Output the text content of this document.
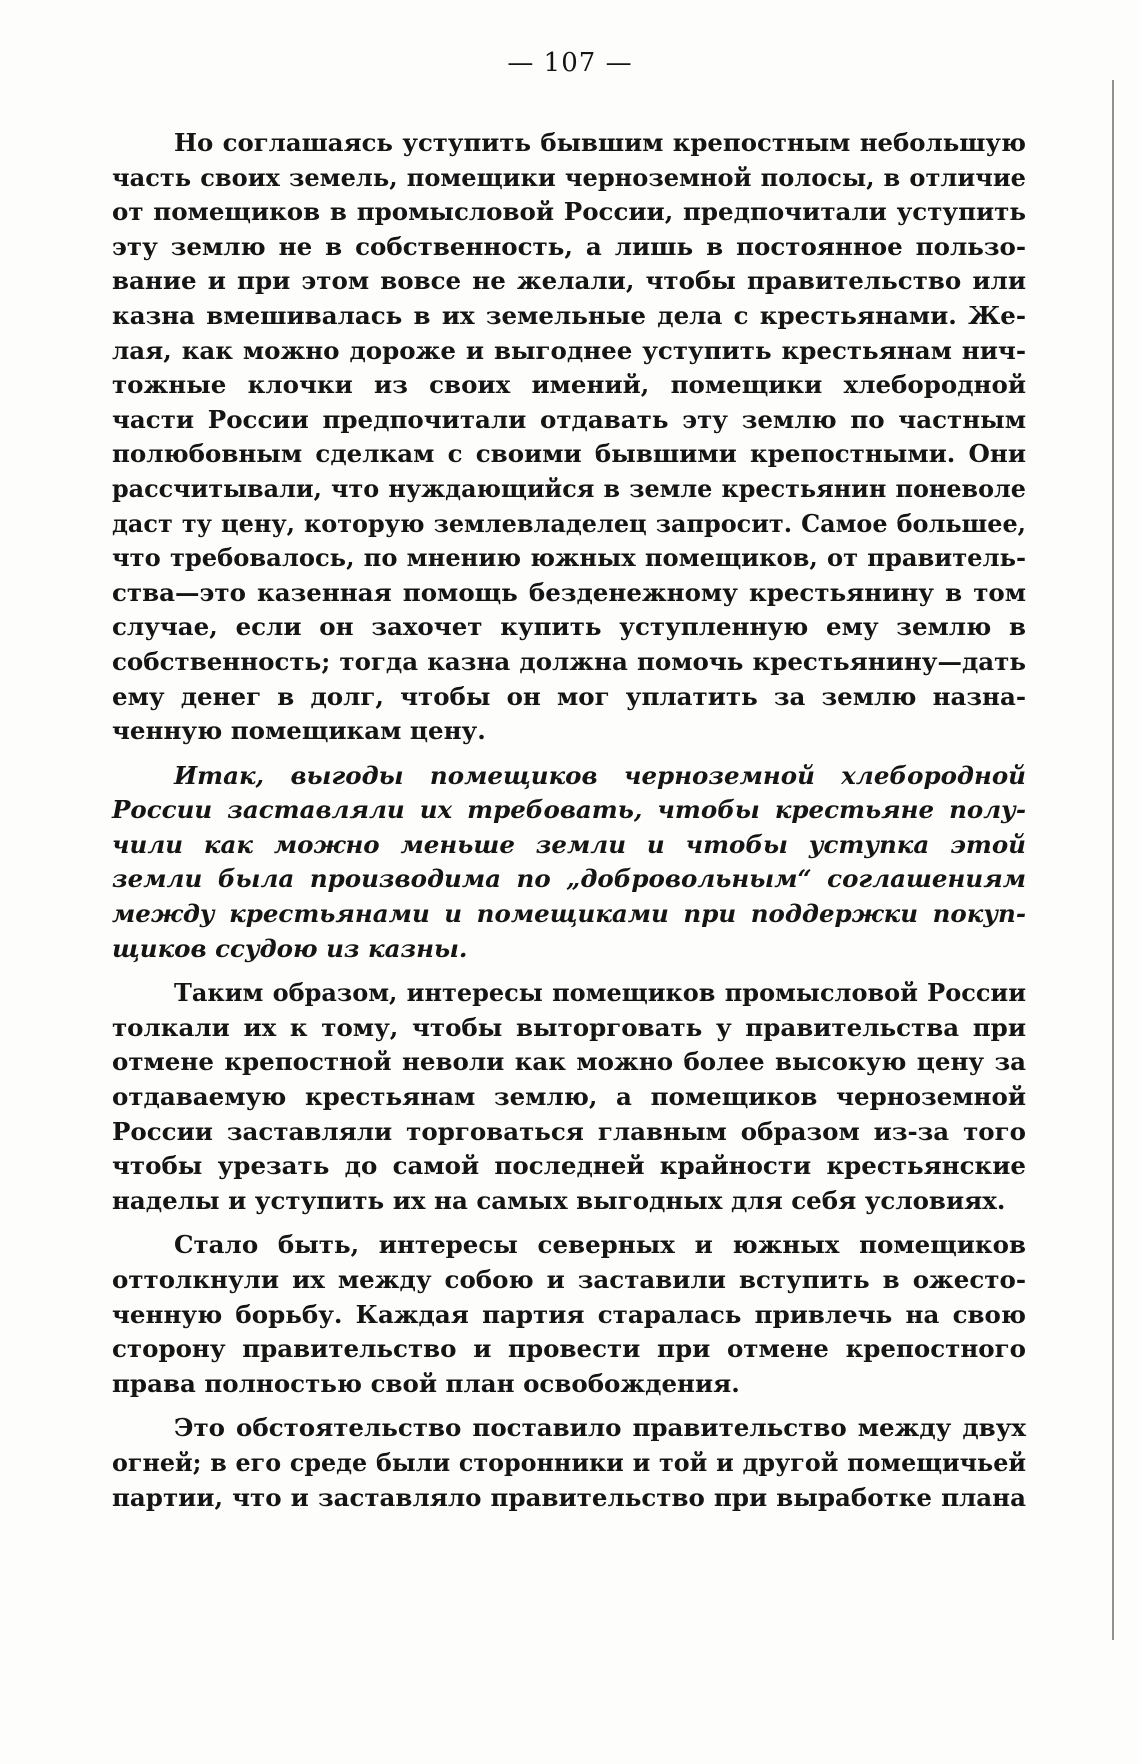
— 107 —
Но соглашаясь уступить бывшим крепостным небольшую
часть своих земель, помещики черноземной полосы, в отличие
от помещиков в промысловой России, предпочитали уступить
эту землю не в собственность, а лишь в постоянное пользо-
вание и при этом вовсе не желали, чтобы правительство или
казна вмешивалась в их земельные дела с крестьянами. Же-
лая, как можно дороже и выгоднее уступить крестьянам нич-
тожные клочки из своих имений, помещики хлебородной
части России предпочитали отдавать эту землю по частным
полюбовным сделкам с своими бывшими крепостными. Они
рассчитывали, что нуждающийся в земле крестьянин поневоле
даст ту цену, которую землевладелец запросит. Самое большее,
что требовалось, по мнению южных помещиков, от правитель-
ства—это казенная помощь безденежному крестьянину в том
случае, если он захочет купить уступленную ему землю в
собственность; тогда казна должна помочь крестьянину—дать
ему денег в долг, чтобы он мог уплатить за землю назна-
ченную помещикам цену.
Итак, выгоды помещиков черноземной хлебородной
России заставляли их требовать, чтобы крестьяне полу-
чили как можно меньше земли и чтобы уступка этой
земли была производима по „добровольным“ соглашениям
между крестьянами и помещиками при поддержки покуп-
щиков ссудою из казны.
Таким образом, интересы помещиков промысловой России
толкали их к тому, чтобы выторговать у правительства при
отмене крепостной неволи как можно более высокую цену за
отдаваемую крестьянам землю, а помещиков черноземной
России заставляли торговаться главным образом из-за того
чтобы урезать до самой последней крайности крестьянские
наделы и уступить их на самых выгодных для себя условиях.
Стало быть, интересы северных и южных помещиков
оттолкнули их между собою и заставили вступить в ожесто-
ченную борьбу. Каждая партия старалась привлечь на свою
сторону правительство и провести при отмене крепостного
права полностью свой план освобождения.
Это обстоятельство поставило правительство между двух
огней; в его среде были сторонники и той и другой помещичьей
партии, что и заставляло правительство при выработке плана
